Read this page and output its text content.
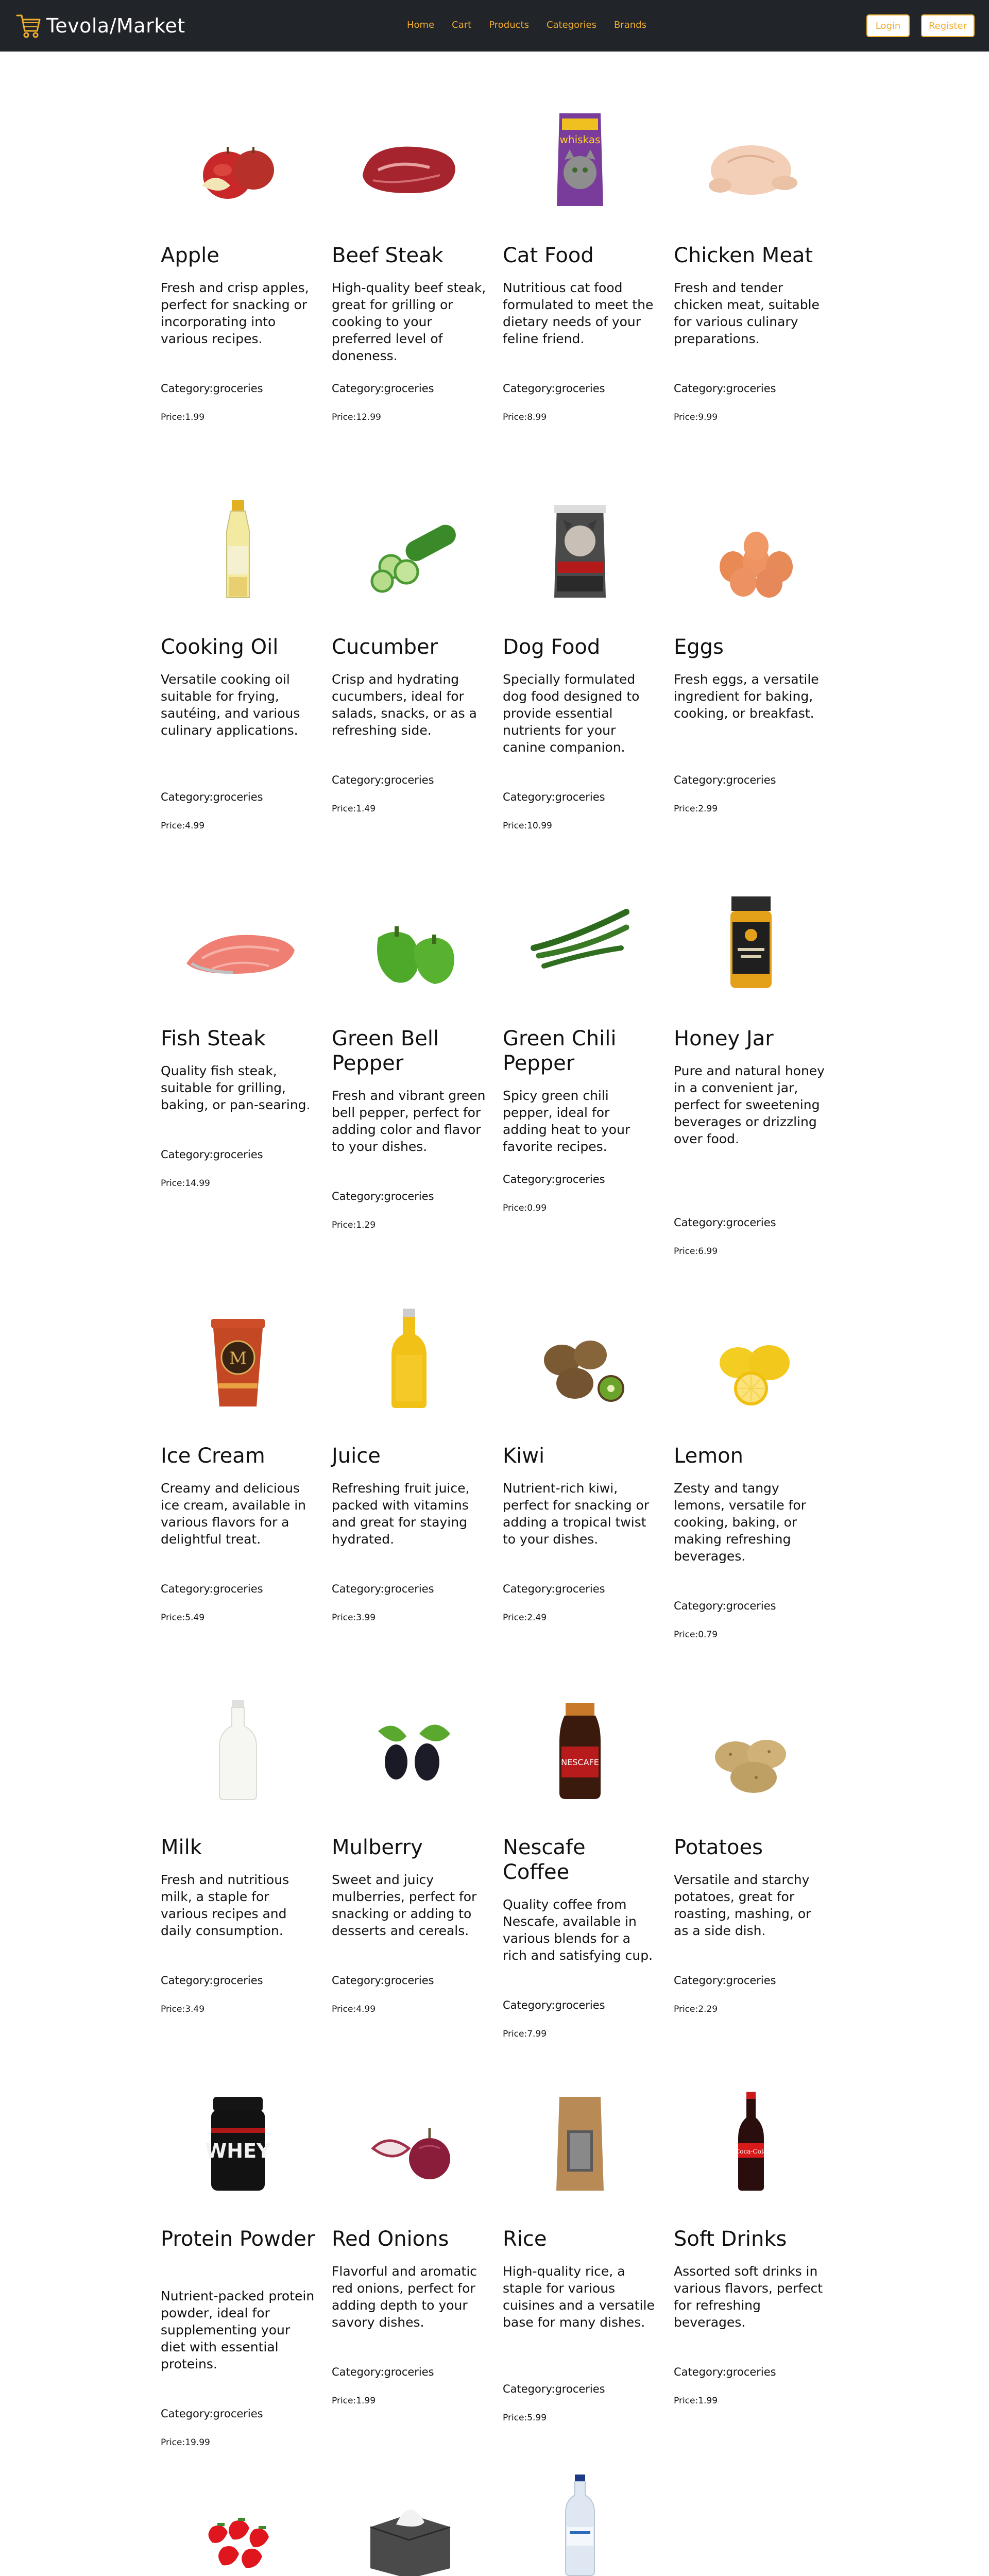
Tevola/Market	Home Cart Products Categories Brands	Login	Register
Apple
Fresh and crisp apples, perfect for snacking or incorporating into various recipes.
Category:groceries
Price:1.99
Beef Steak
High-quality beef steak, great for grilling or cooking to your preferred level of doneness.
Category:groceries
Price:12.99
whiskas
Cat Food
Nutritious cat food formulated to meet the dietary needs of your feline friend.
Category:groceries
Price:8.99
Chicken Meat
Fresh and tender chicken meat, suitable for various culinary preparations.
Category:groceries
Price:9.99
Cooking Oil
Versatile cooking oil suitable for frying, sautéing, and various culinary applications.
Category:groceries
Price:4.99
Cucumber
Crisp and hydrating cucumbers, ideal for salads, snacks, or as a refreshing side.
Category:groceries
Price:1.49
Dog Food
Specially formulated dog food designed to provide essential nutrients for your canine companion.
Category:groceries
Price:10.99
Eggs
Fresh eggs, a versatile ingredient for baking, cooking, or breakfast.
Category:groceries
Price:2.99
Fish Steak
Quality fish steak, suitable for grilling, baking, or pan-searing.
Category:groceries
Price:14.99
Green Bell Pepper
Fresh and vibrant green bell pepper, perfect for adding color and flavor to your dishes.
Category:groceries
Price:1.29
Green Chili Pepper
Spicy green chili pepper, ideal for adding heat to your favorite recipes.
Category:groceries
Price:0.99
Honey Jar
Pure and natural honey in a convenient jar, perfect for sweetening beverages or drizzling over food.
Category:groceries
Price:6.99
M
Ice Cream
Creamy and delicious ice cream, available in various flavors for a delightful treat.
Category:groceries
Price:5.49
Juice
Refreshing fruit juice, packed with vitamins and great for staying hydrated.
Category:groceries
Price:3.99
Kiwi
Nutrient-rich kiwi, perfect for snacking or adding a tropical twist to your dishes.
Category:groceries
Price:2.49
Lemon
Zesty and tangy lemons, versatile for cooking, baking, or making refreshing beverages.
Category:groceries
Price:0.79
Milk
Fresh and nutritious milk, a staple for various recipes and daily consumption.
Category:groceries
Price:3.49
Mulberry
Sweet and juicy mulberries, perfect for snacking or adding to desserts and cereals.
Category:groceries
Price:4.99
NESCAFE
Nescafe Coffee
Quality coffee from Nescafe, available in various blends for a rich and satisfying cup.
Category:groceries
Price:7.99
Potatoes
Versatile and starchy potatoes, great for roasting, mashing, or as a side dish.
Category:groceries
Price:2.29
WHEY
Protein Powder
Nutrient-packed protein powder, ideal for supplementing your diet with essential proteins.
Category:groceries
Price:19.99
Red Onions
Flavorful and aromatic red onions, perfect for adding depth to your savory dishes.
Category:groceries
Price:1.99
Rice
High-quality rice, a staple for various cuisines and a versatile base for many dishes.
Category:groceries
Price:5.99
Coca-Cola
Soft Drinks
Assorted soft drinks in various flavors, perfect for refreshing beverages.
Category:groceries
Price:1.99
